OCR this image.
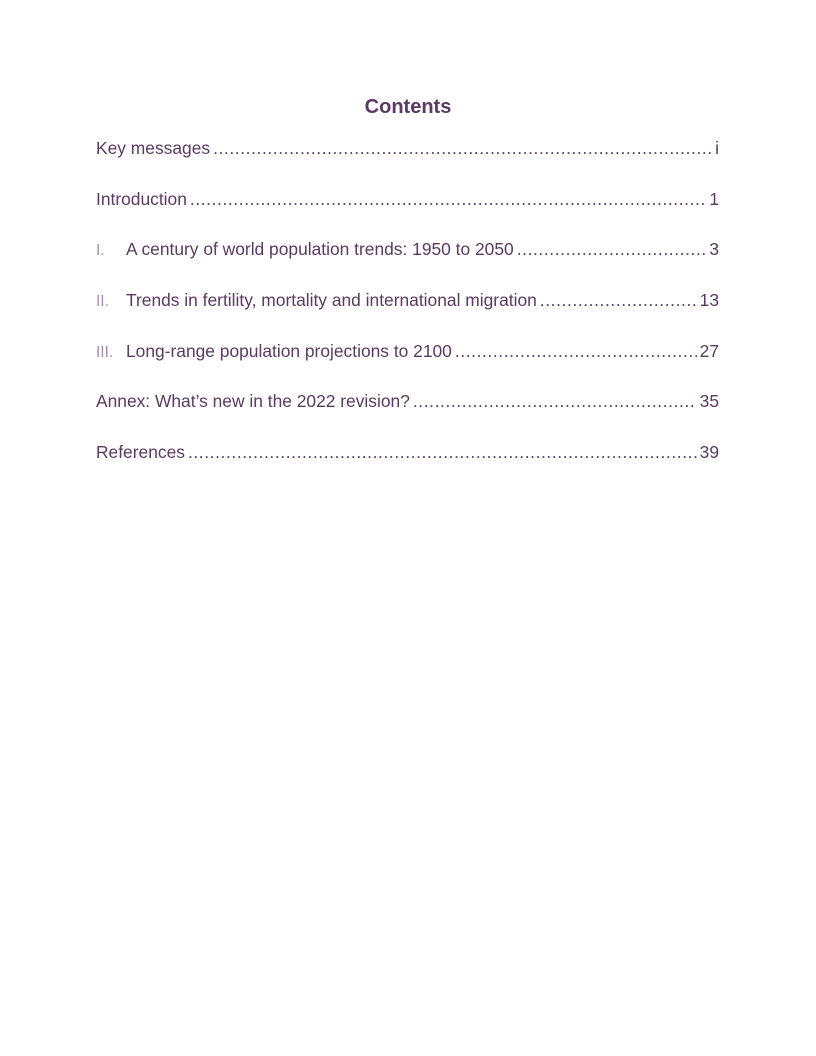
Contents
Key messages .....	i
Introduction .....	1
I.	A century of world population trends: 1950 to 2050 .....	3
II. Trends in fertility, mortality and international migration .....	13
III. Long-range population projections to 2100 .....	27
Annex: What’s new in the 2022 revision? .....	35
References .....	39
